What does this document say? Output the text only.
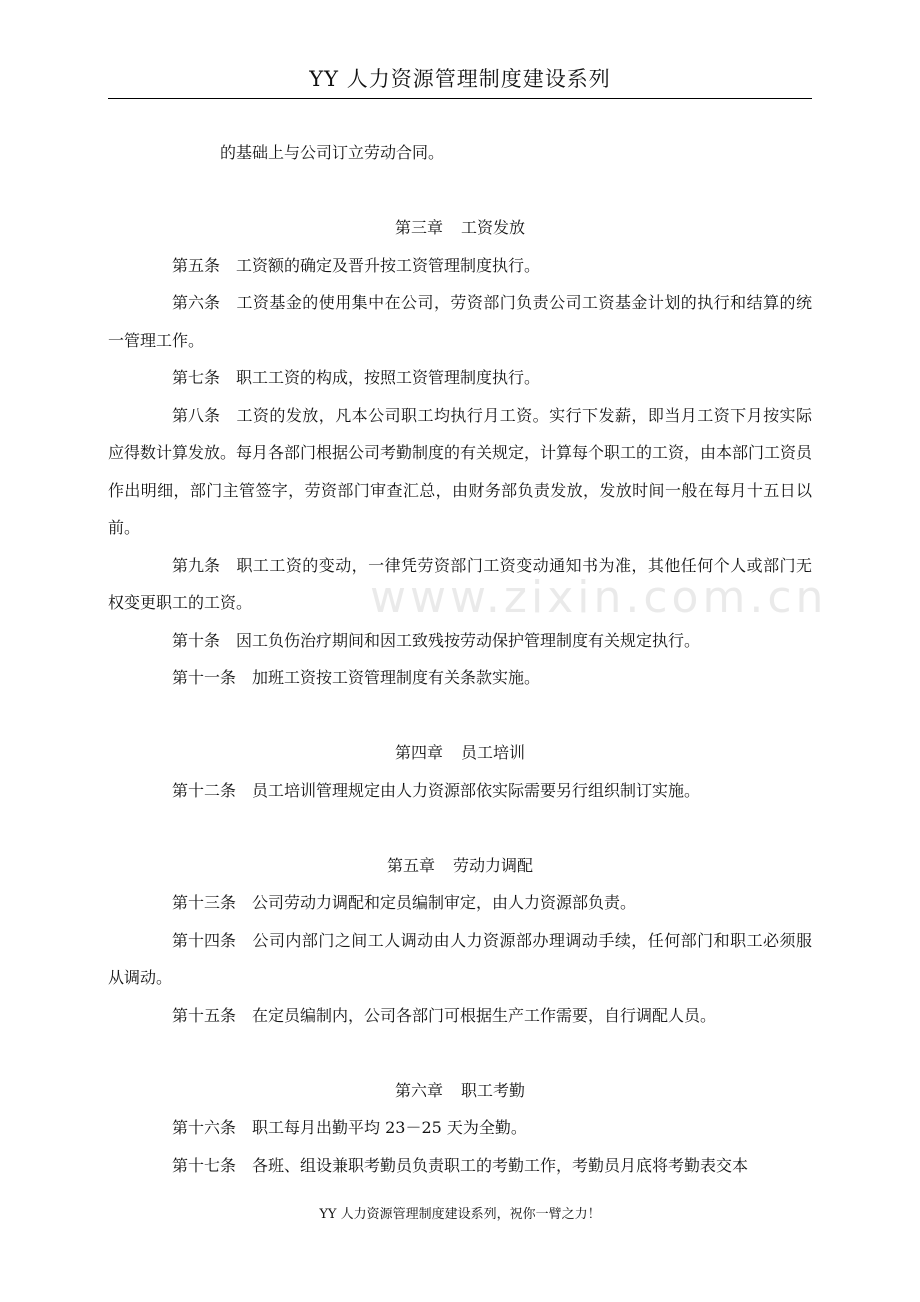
YY 人力资源管理制度建设系列
www.zixin.com.cn

的基础上与公司订立劳动合同。

第三章 工资发放

第五条 工资额的确定及晋升按工资管理制度执行。

第六条 工资基金的使用集中在公司，劳资部门负责公司工资基金计划的执行和结算的统一管理工作。

第七条 职工工资的构成，按照工资管理制度执行。

第八条 工资的发放，凡本公司职工均执行月工资。实行下发薪，即当月工资下月按实际应得数计算发放。每月各部门根据公司考勤制度的有关规定，计算每个职工的工资，由本部门工资员作出明细，部门主管签字，劳资部门审查汇总，由财务部负责发放，发放时间一般在每月十五日以前。

第九条 职工工资的变动，一律凭劳资部门工资变动通知书为准，其他任何个人或部门无权变更职工的工资。

第十条 因工负伤治疗期间和因工致残按劳动保护管理制度有关规定执行。

第十一条 加班工资按工资管理制度有关条款实施。

第四章 员工培训

第十二条 员工培训管理规定由人力资源部依实际需要另行组织制订实施。

第五章 劳动力调配

第十三条 公司劳动力调配和定员编制审定，由人力资源部负责。

第十四条 公司内部门之间工人调动由人力资源部办理调动手续，任何部门和职工必须服从调动。

第十五条 在定员编制内，公司各部门可根据生产工作需要，自行调配人员。

第六章 职工考勤

第十六条 职工每月出勤平均 23－25 天为全勤。

第十七条 各班、组设兼职考勤员负责职工的考勤工作，考勤员月底将考勤表交本

YY 人力资源管理制度建设系列，祝你一臂之力！
